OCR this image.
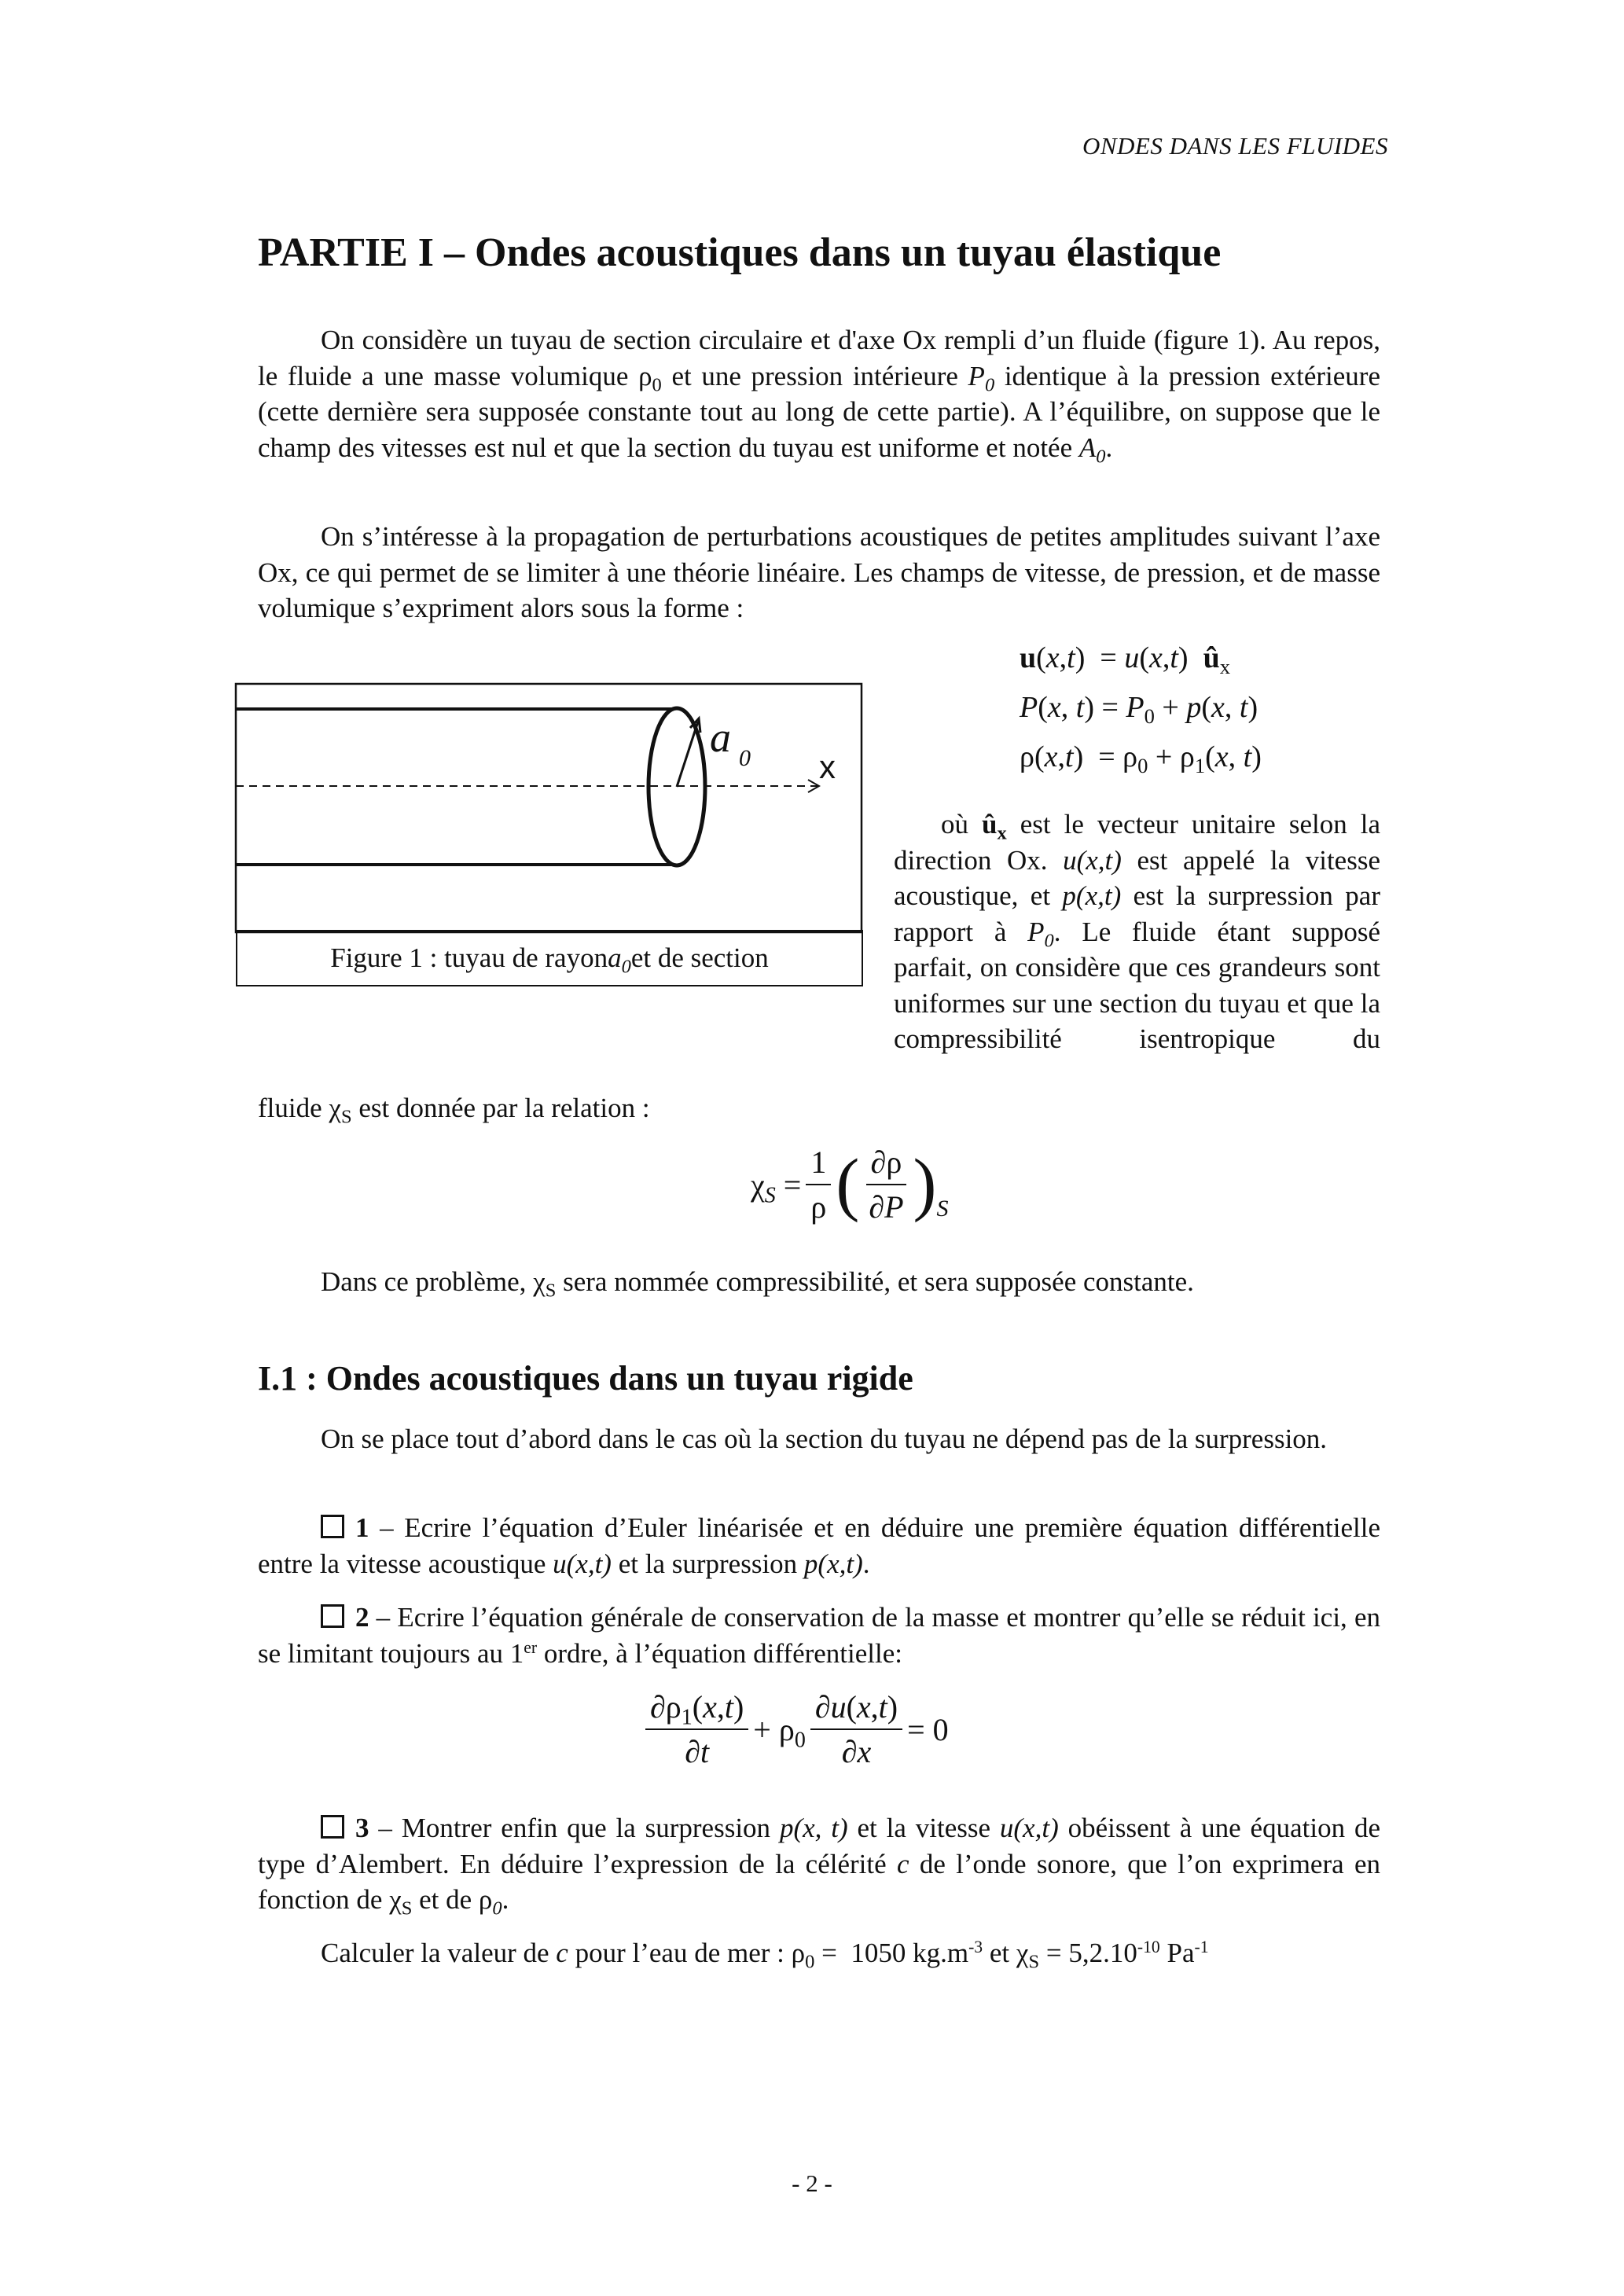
ONDES DANS LES FLUIDES
PARTIE I – Ondes acoustiques dans un tuyau élastique
On considère un tuyau de section circulaire et d'axe Ox rempli d’un fluide (figure 1). Au repos, le fluide a une masse volumique $\rho_0$ et une pression intérieure $P_0$ identique à la pression extérieure (cette dernière sera supposée constante tout au long de cette partie). A l’équilibre, on suppose que le champ des vitesses est nul et que la section du tuyau est uniforme et notée $A_0$.
On s’intéresse à la propagation de perturbations acoustiques de petites amplitudes suivant l’axe Ox, ce qui permet de se limiter à une théorie linéaire. Les champs de vitesse, de pression, et de masse volumique s’expriment alors sous la forme :
u(x,t) = u(x,t) $û_x$
P(x, $t) = P_0 + p(x$, t)
$\rho(x,t) = \rho_0 + \rho_1(x$, t)
a 0 x
Figure 1 : tuyau de rayon $a_0$ et de section

où $û_x$ est le vecteur unitaire selon la direction Ox. u(x,t) est appelé la vitesse acoustique, et p(x,t) est la surpression par rapport à $P_0$. Le fluide étant supposé parfait, on considère que ces grandeurs sont uniformes sur une section du tuyau et que la compressibilité isentropique du

fluide $\chi_S$ est donnée par la relation :
$\chi_S = \frac{1}{\rho}$ ( $\frac{\partial\rho}{\partial P}$ ) S
Dans ce problème, $\chi_S$ sera nommée compressibilité, et sera supposée constante.
I.1 : Ondes acoustiques dans un tuyau rigide
On se place tout d’abord dans le cas où la section du tuyau ne dépend pas de la surpression.
1 – Ecrire l’équation d’Euler linéarisée et en déduire une première équation différentielle entre la vitesse acoustique u(x,t) et la surpression p(x,t).
2 – Ecrire l’équation générale de conservation de la masse et montrer qu’elle se réduit ici, en se limitant toujours au 1er ordre, à l’équation différentielle:
$\frac{\partial\rho_1(x,t)}{\partial t} + \rho_0 \frac{\partial u(x,t)}{\partial x} = 0$
3 – Montrer enfin que la surpression p(x, t) et la vitesse u(x,t) obéissent à une équation de type d’Alembert. En déduire l’expression de la célérité c de l’onde sonore, que l’on exprimera en fonction de $\chi_S$ et de $\rho_0$.
Calculer la valeur de c pour l’eau de mer : $\rho_0 = 1050$ $kg.m^{-3}$ et $\chi_S = 5,2.10^{-10}$ $Pa^{-1}$
- 2 -
